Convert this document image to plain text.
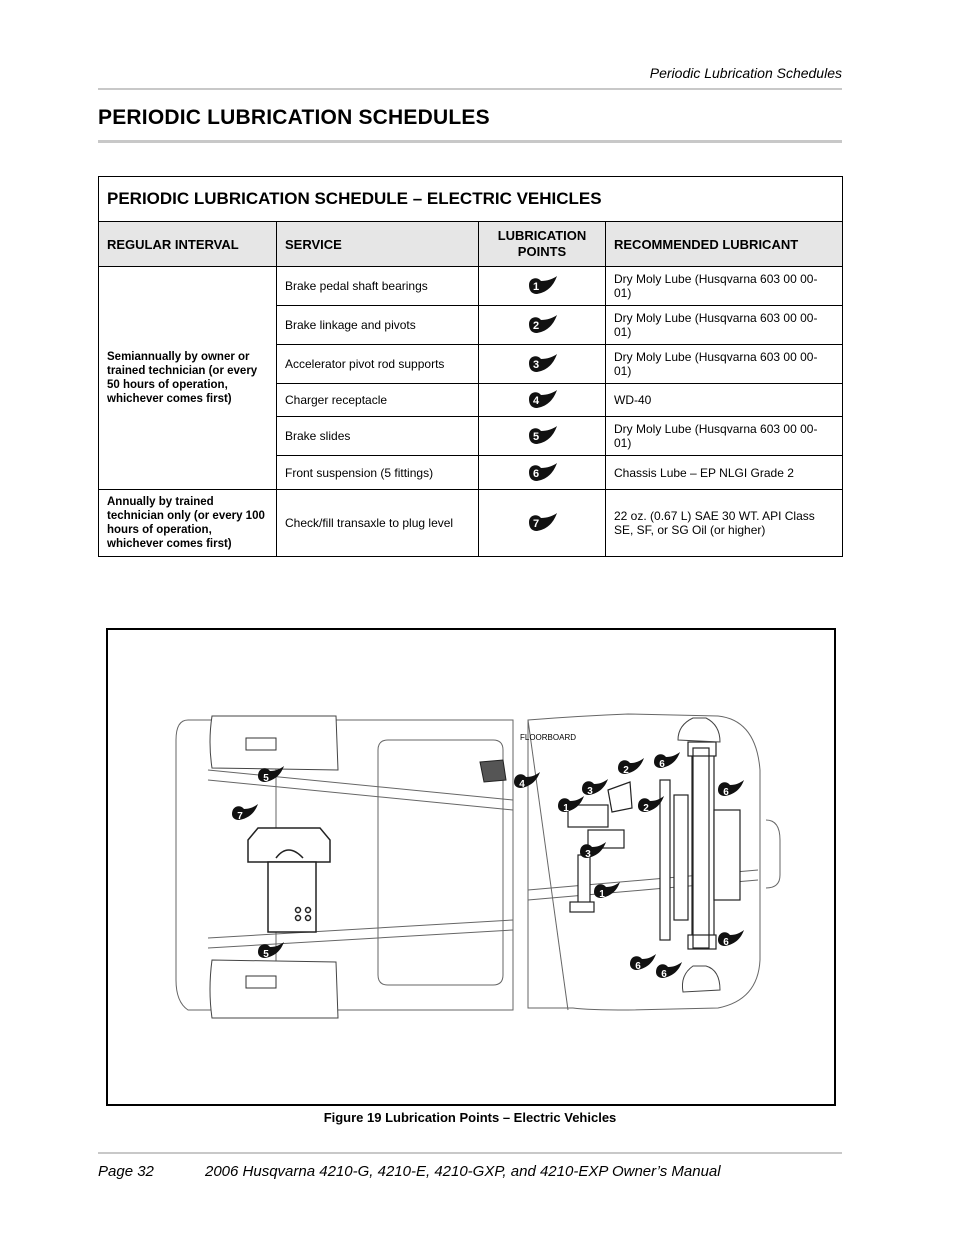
Periodic Lubrication Schedules
PERIODIC LUBRICATION SCHEDULES
PERIODIC LUBRICATION SCHEDULE – ELECTRIC VEHICLES			
REGULAR INTERVAL	SERVICE	LUBRICATION POINTS	RECOMMENDED LUBRICANT
Semiannually by owner or trained technician (or every 50 hours of operation, whichever comes first)	Brake pedal shaft bearings	1	Dry Moly Lube (Husqvarna 603 00 00-01)
	Brake linkage and pivots	2	Dry Moly Lube (Husqvarna 603 00 00-01)
	Accelerator pivot rod supports	3	Dry Moly Lube (Husqvarna 603 00 00-01)
	Charger receptacle	4	WD-40
	Brake slides	5	Dry Moly Lube (Husqvarna 603 00 00-01)
	Front suspension (5 fittings)	6	Chassis Lube – EP NLGI Grade 2
Annually by trained technician only (or every 100 hours of operation, whichever comes first)	Check/fill transaxle to plug level	7	22 oz. (0.67 L) SAE 30 WT. API Class SE, SF, or SG Oil (or higher)
FLOORBOARD
5
7
5
4
3
1
3
1
2
2
6
6
6
6
6
Figure 19 Lubrication Points – Electric Vehicles
Page 32	2006 Husqvarna 4210-G, 4210-E, 4210-GXP, and 4210-EXP Owner’s Manual
